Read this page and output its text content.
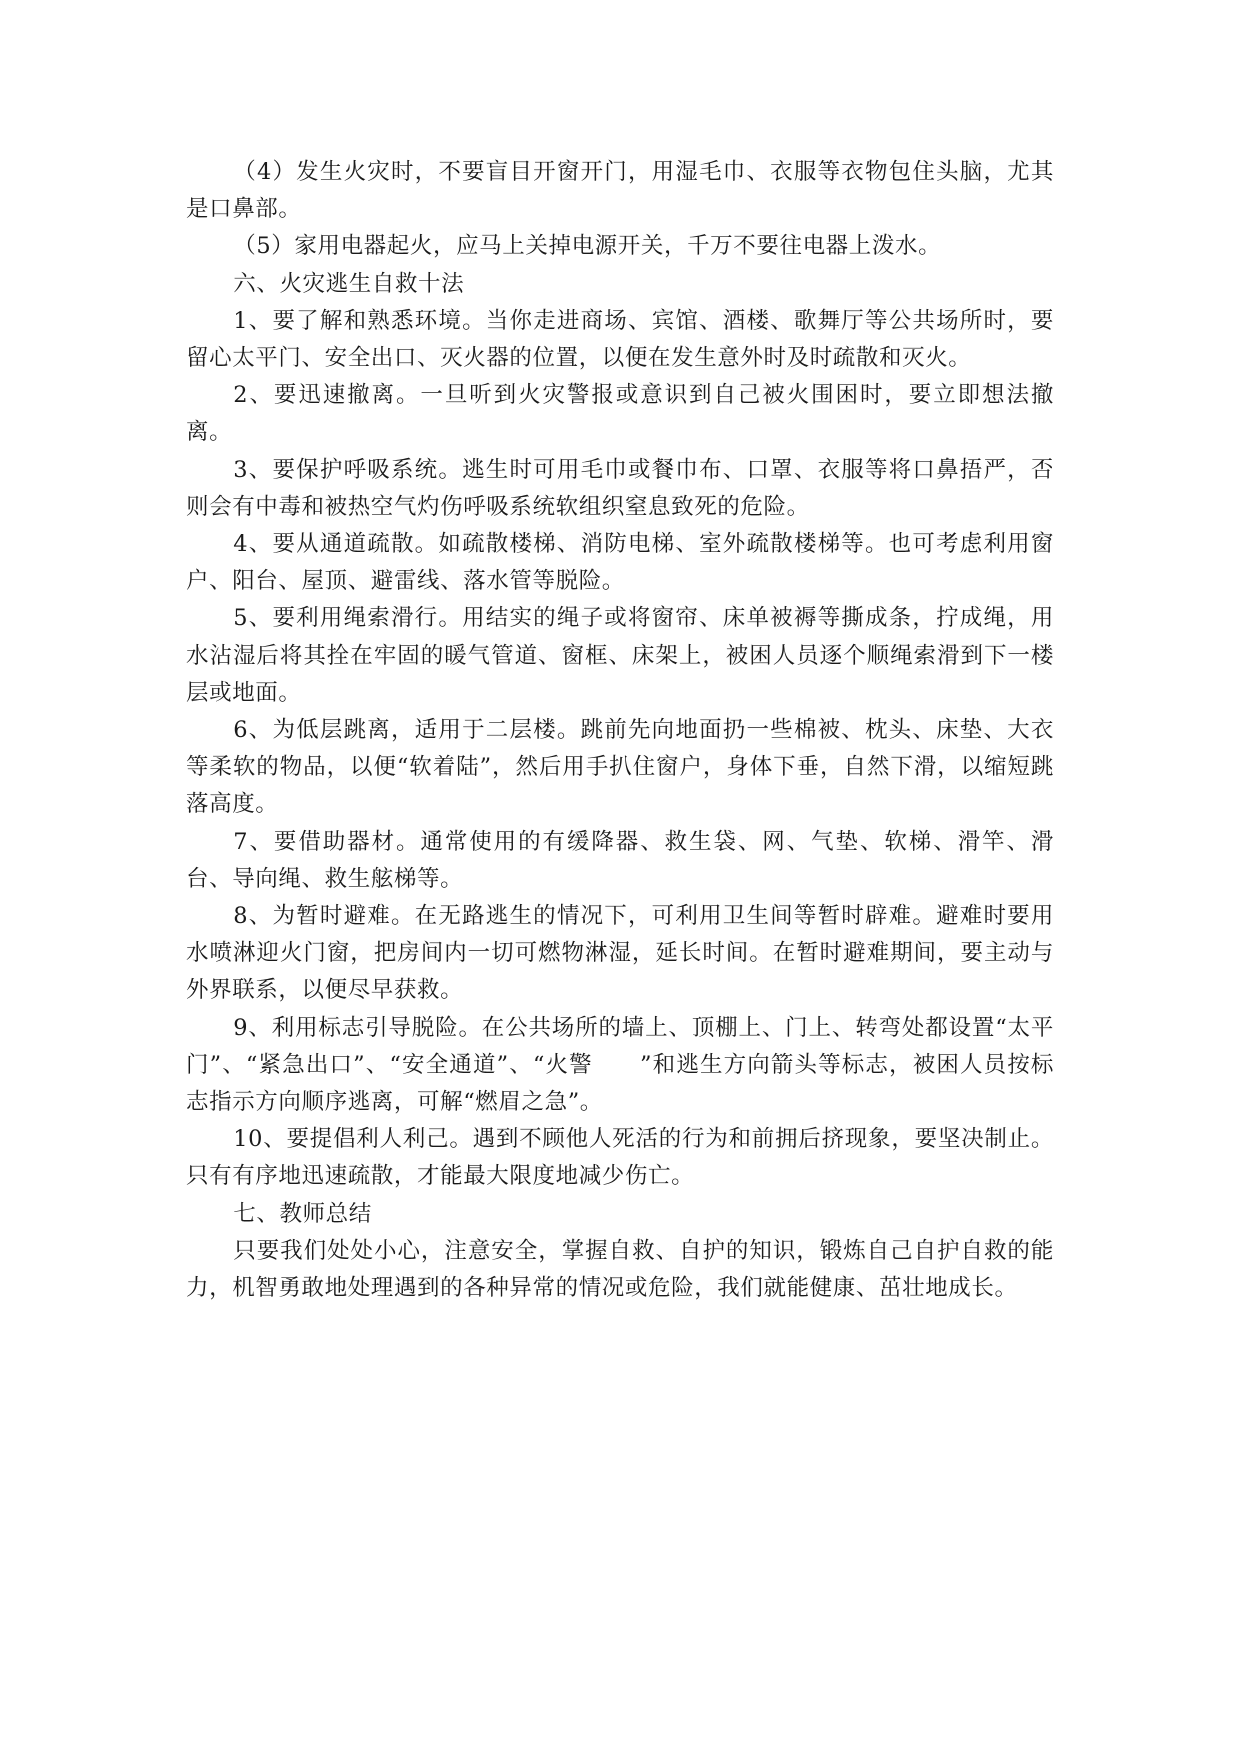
（4）发生火灾时，不要盲目开窗开门，用湿毛巾、衣服等衣物包住头脑，尤其是口鼻部。

（5）家用电器起火，应马上关掉电源开关，千万不要往电器上泼水。

六、火灾逃生自救十法

1、要了解和熟悉环境。当你走进商场、宾馆、酒楼、歌舞厅等公共场所时，要留心太平门、安全出口、灭火器的位置，以便在发生意外时及时疏散和灭火。

2、要迅速撤离。一旦听到火灾警报或意识到自己被火围困时，要立即想法撤离。

3、要保护呼吸系统。逃生时可用毛巾或餐巾布、口罩、衣服等将口鼻捂严，否则会有中毒和被热空气灼伤呼吸系统软组织窒息致死的危险。

4、要从通道疏散。如疏散楼梯、消防电梯、室外疏散楼梯等。也可考虑利用窗户、阳台、屋顶、避雷线、落水管等脱险。

5、要利用绳索滑行。用结实的绳子或将窗帘、床单被褥等撕成条，拧成绳，用水沾湿后将其拴在牢固的暖气管道、窗框、床架上，被困人员逐个顺绳索滑到下一楼层或地面。

6、为低层跳离，适用于二层楼。跳前先向地面扔一些棉被、枕头、床垫、大衣等柔软的物品，以便“软着陆”，然后用手扒住窗户，身体下垂，自然下滑，以缩短跳落高度。

7、要借助器材。通常使用的有缓降器、救生袋、网、气垫、软梯、滑竿、滑台、导向绳、救生舷梯等。

8、为暂时避难。在无路逃生的情况下，可利用卫生间等暂时辟难。避难时要用水喷淋迎火门窗，把房间内一切可燃物淋湿，延长时间。在暂时避难期间，要主动与外界联系，以便尽早获救。

9、利用标志引导脱险。在公共场所的墙上、顶棚上、门上、转弯处都设置“太平门”、“紧急出口”、“安全通道”、“火警　　”和逃生方向箭头等标志，被困人员按标志指示方向顺序逃离，可解“燃眉之急”。

10、要提倡利人利己。遇到不顾他人死活的行为和前拥后挤现象，要坚决制止。只有有序地迅速疏散，才能最大限度地减少伤亡。

七、教师总结

只要我们处处小心，注意安全，掌握自救、自护的知识，锻炼自己自护自救的能力，机智勇敢地处理遇到的各种异常的情况或危险，我们就能健康、茁壮地成长。
